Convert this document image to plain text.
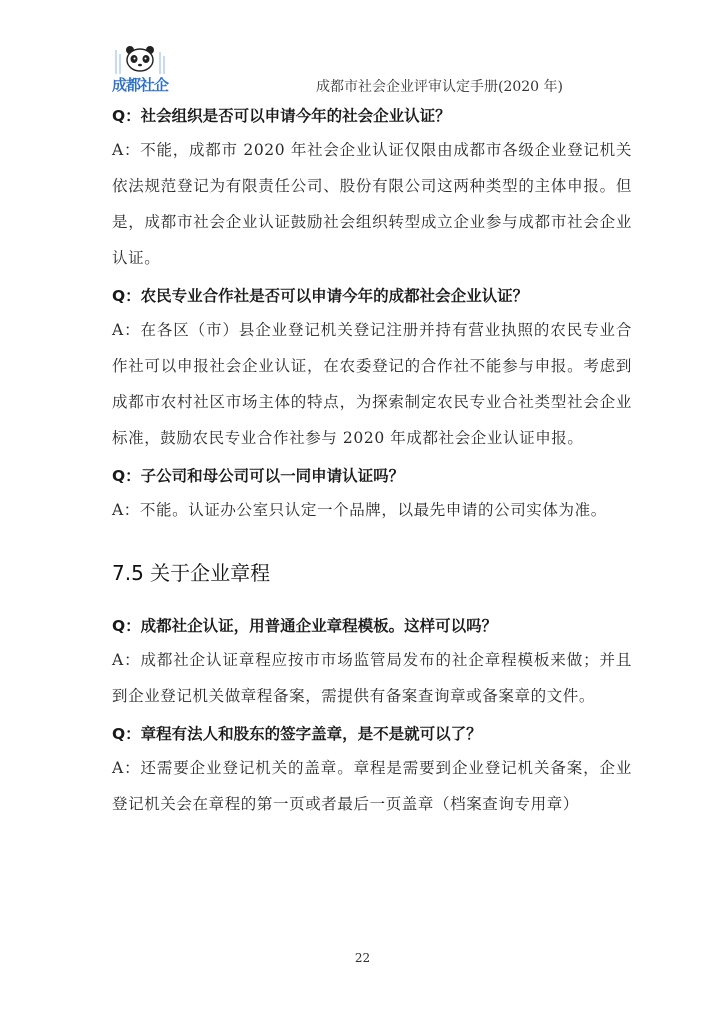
成都社企	成都市社会企业评审认定手册(2020 年)

Q：社会组织是否可以申请今年的社会企业认证？

A：不能，成都市 2020 年社会企业认证仅限由成都市各级企业登记机关依法规范登记为有限责任公司、股份有限公司这两种类型的主体申报。但是，成都市社会企业认证鼓励社会组织转型成立企业参与成都市社会企业认证。

Q：农民专业合作社是否可以申请今年的成都社会企业认证？

A：在各区（市）县企业登记机关登记注册并持有营业执照的农民专业合作社可以申报社会企业认证，在农委登记的合作社不能参与申报。考虑到成都市农村社区市场主体的特点，为探索制定农民专业合社类型社会企业标准，鼓励农民专业合作社参与 2020 年成都社会企业认证申报。

Q：子公司和母公司可以一同申请认证吗？

A：不能。认证办公室只认定一个品牌，以最先申请的公司实体为准。

7.5 关于企业章程

Q：成都社企认证，用普通企业章程模板。这样可以吗？

A：成都社企认证章程应按市市场监管局发布的社企章程模板来做；并且到企业登记机关做章程备案，需提供有备案查询章或备案章的文件。

Q：章程有法人和股东的签字盖章，是不是就可以了？

A：还需要企业登记机关的盖章。章程是需要到企业登记机关备案，企业登记机关会在章程的第一页或者最后一页盖章（档案查询专用章）

22
